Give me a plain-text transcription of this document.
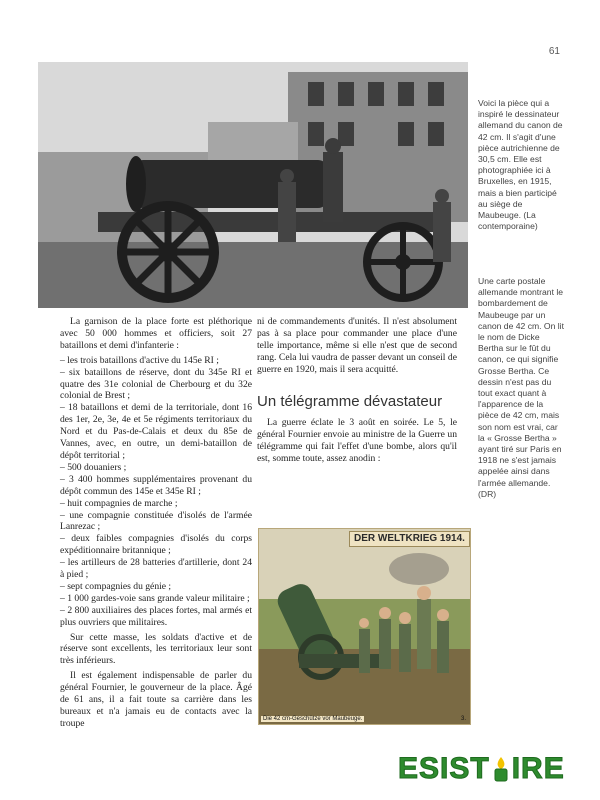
61

Voici la pièce qui a inspiré le dessinateur allemand du canon de 42 cm. Il s'agit d'une pièce autrichienne de 30,5 cm. Elle est photographiée ici à Bruxelles, en 1915, mais a bien participé au siège de Maubeuge. (La contemporaine)

Une carte postale allemande montrant le bombardement de Maubeuge par un canon de 42 cm. On lit le nom de Dicke Bertha sur le fût du canon, ce qui signifie Grosse Bertha. Ce dessin n'est pas du tout exact quant à l'apparence de la pièce de 42 cm, mais son nom est vrai, car la « Grosse Bertha » ayant tiré sur Paris en 1918 ne s'est jamais appelée ainsi dans l'armée allemande. (DR)

La garnison de la place forte est pléthorique avec 50 000 hommes et officiers, soit 27 bataillons et demi d'infanterie :

– les trois bataillons d'active du 145e RI ;
– six bataillons de réserve, dont du 345e RI et quatre des 31e colonial de Cherbourg et du 32e colonial de Brest ;
– 18 bataillons et demi de la territoriale, dont 16 des 1er, 2e, 3e, 4e et 5e régiments territoriaux du Nord et du Pas-de-Calais et deux du 85e de Vannes, avec, en outre, un demi-bataillon de dépôt territorial ;
– 500 douaniers ;
– 3 400 hommes supplémentaires provenant du dépôt commun des 145e et 345e RI ;
– huit compagnies de marche ;
– une compagnie constituée d'isolés de l'armée Lanrezac ;
– deux faibles compagnies d'isolés du corps expéditionnaire britannique ;
– les artilleurs de 28 batteries d'artillerie, dont 24 à pied ;
– sept compagnies du génie ;
– 1 000 gardes-voie sans grande valeur militaire ;
– 2 800 auxiliaires des places fortes, mal armés et plus ouvriers que militaires.

Sur cette masse, les soldats d'active et de réserve sont excellents, les territoriaux leur sont très inférieurs.

Il est également indispensable de parler du général Fournier, le gouverneur de la place. Âgé de 61 ans, il a fait toute sa carrière dans les bureaux et n'a jamais eu de contacts avec la troupe

ni de commandements d'unités. Il n'est absolument pas à sa place pour commander une place d'une telle importance, même si elle n'est que de second rang. Cela lui vaudra de passer devant un conseil de guerre en 1920, mais il sera acquitté.

Un télégramme dévastateur

La guerre éclate le 3 août en soirée. Le 5, le général Fournier envoie au ministre de la Guerre un télégramme qui fait l'effet d'une bombe, alors qu'il est, somme toute, assez anodin :

DER WELTKRIEG 1914.
Die 42 cm-Geschütze vor Maubeuge.	3.
ESIST IRE
